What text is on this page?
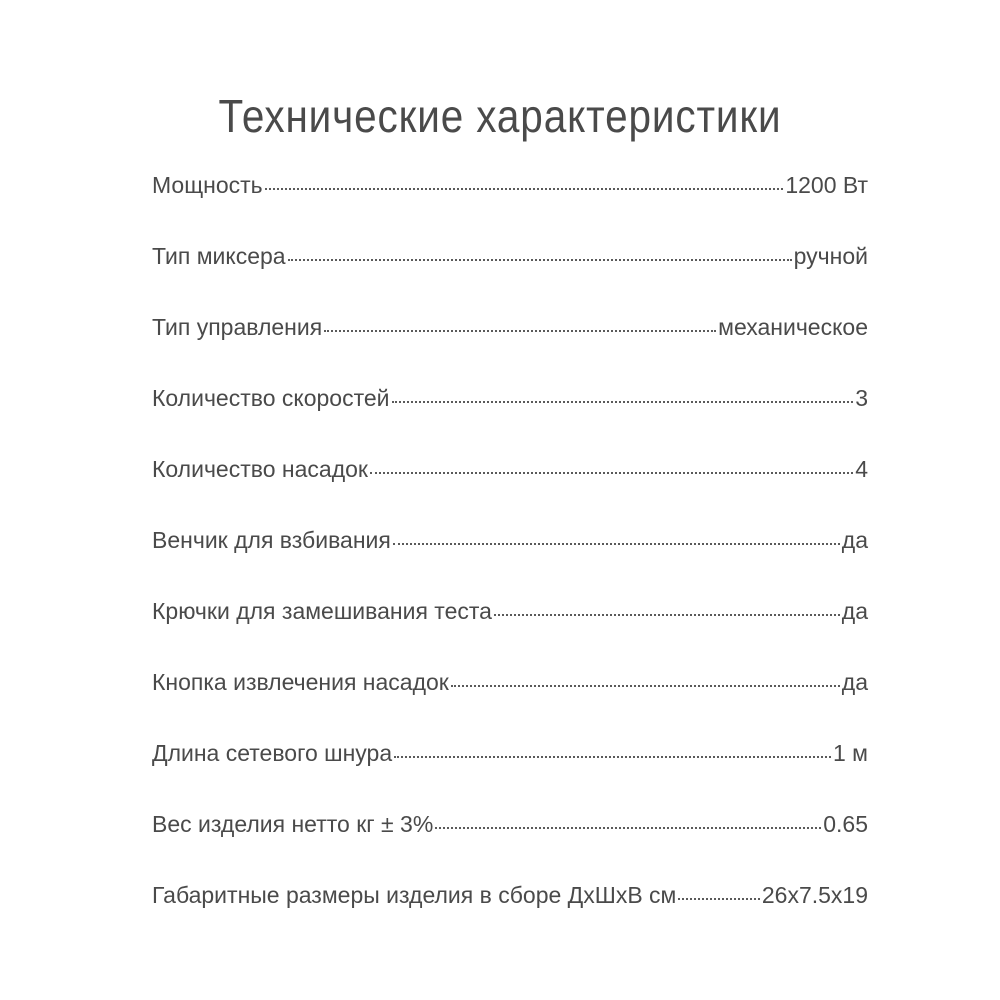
Технические характеристики
Мощность	1200 Вт
Тип миксера	ручной
Тип управления	механическое
Количество скоростей	3
Количество насадок	4
Венчик для взбивания	да
Крючки для замешивания теста	да
Кнопка извлечения насадок	да
Длина сетевого шнура	1 м
Вес изделия нетто кг ± 3%	0.65
Габаритные размеры изделия в сборе ДхШхВ см	26x7.5x19
